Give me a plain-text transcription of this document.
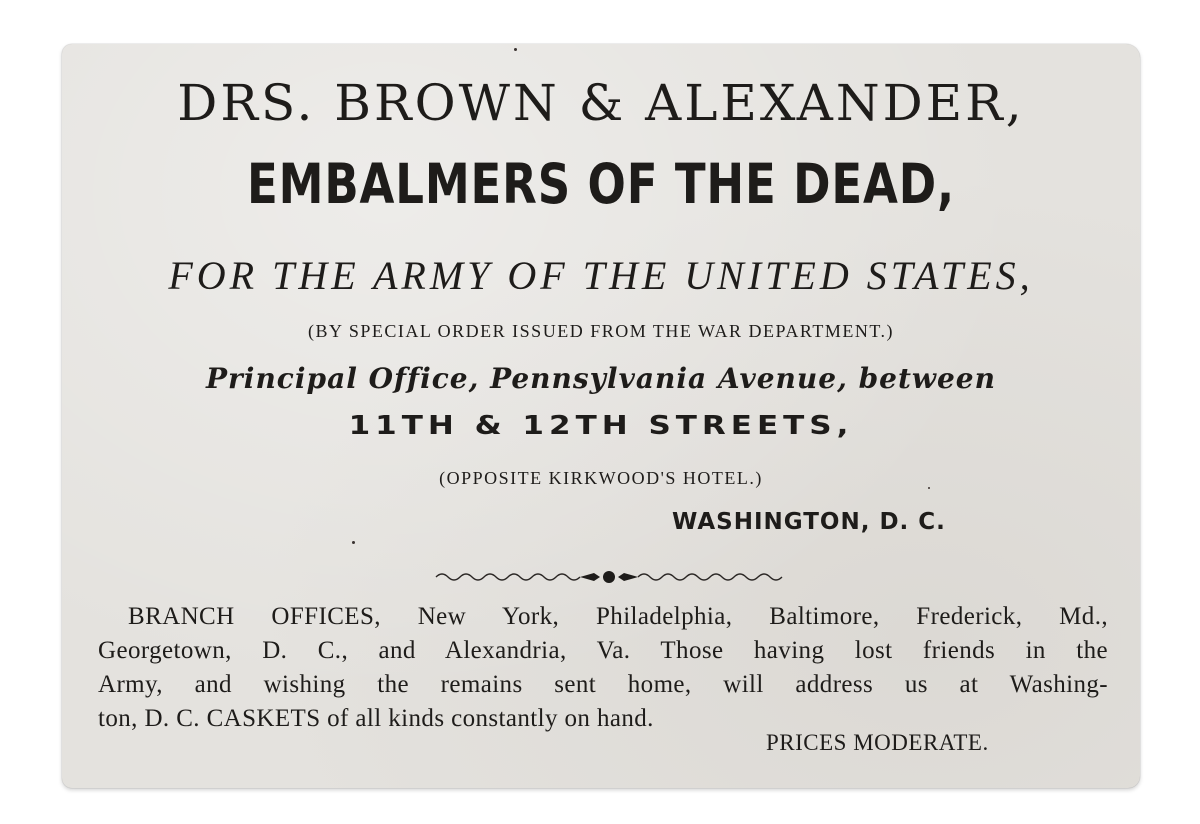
DRS. BROWN & ALEXANDER,
EMBALMERS OF THE DEAD,
FOR THE ARMY OF THE UNITED STATES,
(BY SPECIAL ORDER ISSUED FROM THE WAR DEPARTMENT.)
Principal Office, Pennsylvania Avenue, between
11TH & 12TH STREETS,
(OPPOSITE KIRKWOOD'S HOTEL.)
WASHINGTON, D. C.
BRANCH OFFICES, New York, Philadelphia, Baltimore, Frederick, Md.,
Georgetown, D. C., and Alexandria, Va. Those having lost friends in the
Army, and wishing the remains sent home, will address us at Washing-
ton, D. C. CASKETS of all kinds constantly on hand.
PRICES MODERATE.
